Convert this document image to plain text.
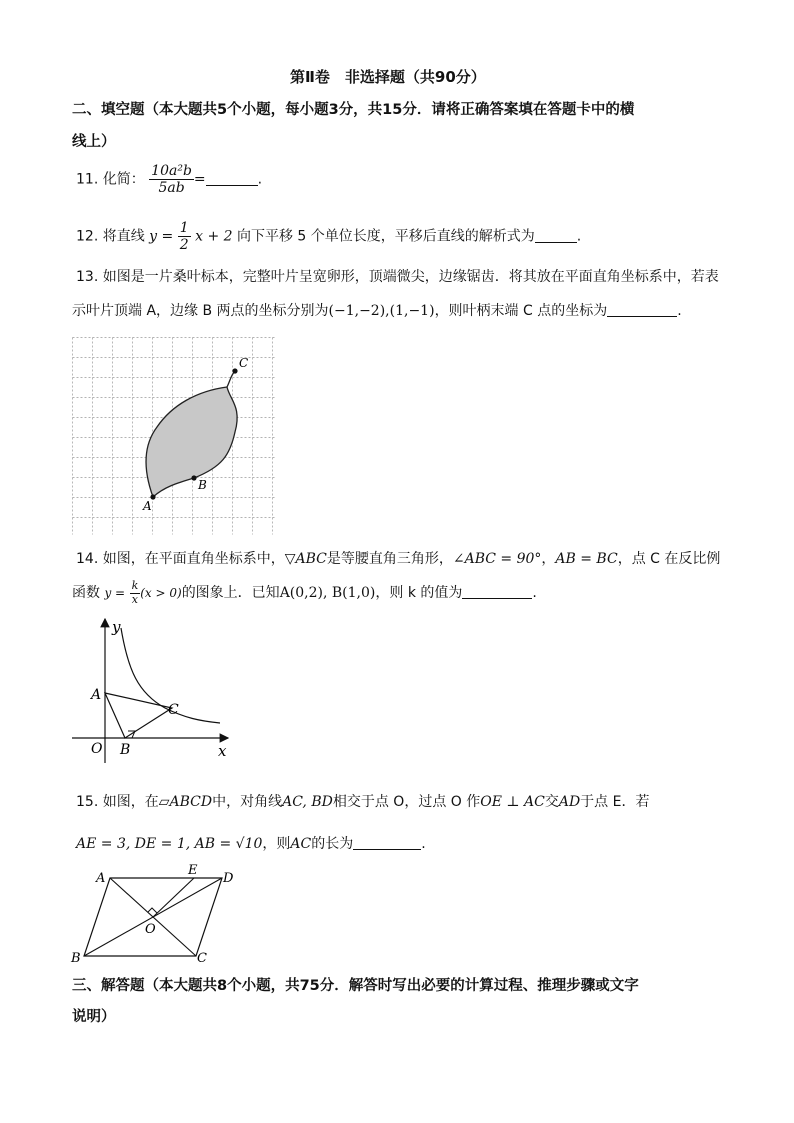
第Ⅱ卷　非选择题（共90分）
二、填空题（本大题共5个小题，每小题3分，共15分．请将正确答案填在答题卡中的横
线上）
11. 化简： $\frac{\text{10a²b}}{5ab}$ =	.
12. 将直线 $y = \frac{1}{2}$ x + 2 向下平移 5 个单位长度，平移后直线的解析式为	.
13. 如图是一片桑叶标本，完整叶片呈宽卵形，顶端微尖，边缘锯齿．将其放在平面直角坐标系中，若表
示叶片顶端 A，边缘 B 两点的坐标分别为(−1,−2),(1,−1)，则叶柄末端 C 点的坐标为	.
A
B
C
14. 如图，在平面直角坐标系中，▽ABC是等腰直角三角形，∠ABC = 90°，AB = BC，点 C 在反比例
函数 $y = \frac{k}{x} (x > 0)$的图象上．已知A(0,2), B(1,0)，则 k 的值为	.
y
x
A
B
C
O
15. 如图，在▱ABCD中，对角线AC, BD相交于点 O，过点 O 作OE ⊥ AC交AD于点 E．若
AE = 3, DE = 1, AB = √10，则AC的长为	.
A
B	C
D
E
O
三、解答题（本大题共8个小题，共75分．解答时写出必要的计算过程、推理步骤或文字
说明）
